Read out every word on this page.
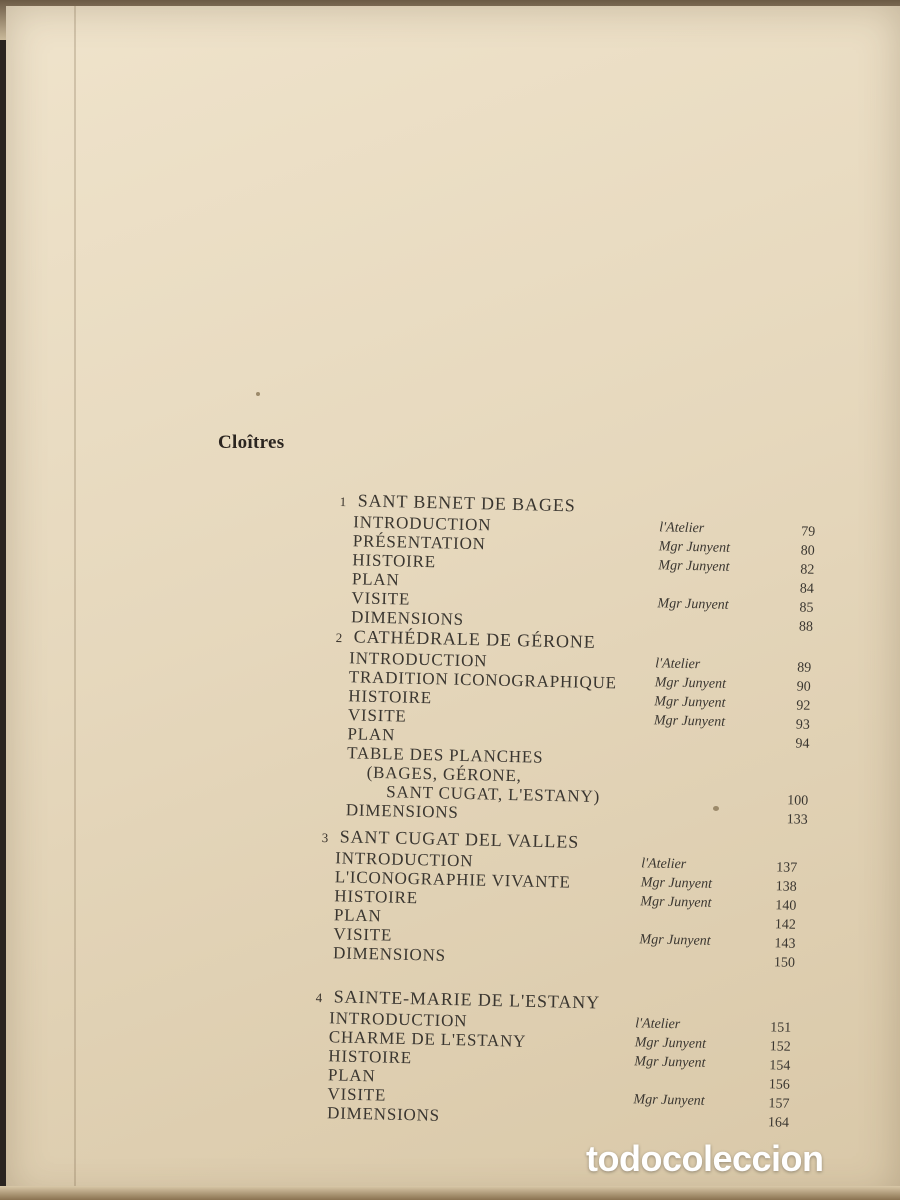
Cloîtres
1 SANT BENET DE BAGES
INTRODUCTION	l'Atelier	79
PRÉSENTATION	Mgr Junyent	80
HISTOIRE	Mgr Junyent	82
PLAN	84
VISITE	Mgr Junyent	85
DIMENSIONS	88
2 CATHÉDRALE DE GÉRONE
INTRODUCTION	l'Atelier	89
TRADITION ICONOGRAPHIQUE	Mgr Junyent	90
HISTOIRE	Mgr Junyent	92
VISITE	Mgr Junyent	93
PLAN	94
TABLE DES PLANCHES
(BAGES, GÉRONE,
SANT CUGAT, L'ESTANY)	100
DIMENSIONS	133
3 SANT CUGAT DEL VALLES
INTRODUCTION	l'Atelier	137
L'ICONOGRAPHIE VIVANTE	Mgr Junyent	138
HISTOIRE	Mgr Junyent	140
PLAN	142
VISITE	Mgr Junyent	143
DIMENSIONS	150
4 SAINTE-MARIE DE L'ESTANY
INTRODUCTION	l'Atelier	151
CHARME DE L'ESTANY	Mgr Junyent	152
HISTOIRE	Mgr Junyent	154
PLAN	156
VISITE	Mgr Junyent	157
DIMENSIONS	164
todocoleccion
